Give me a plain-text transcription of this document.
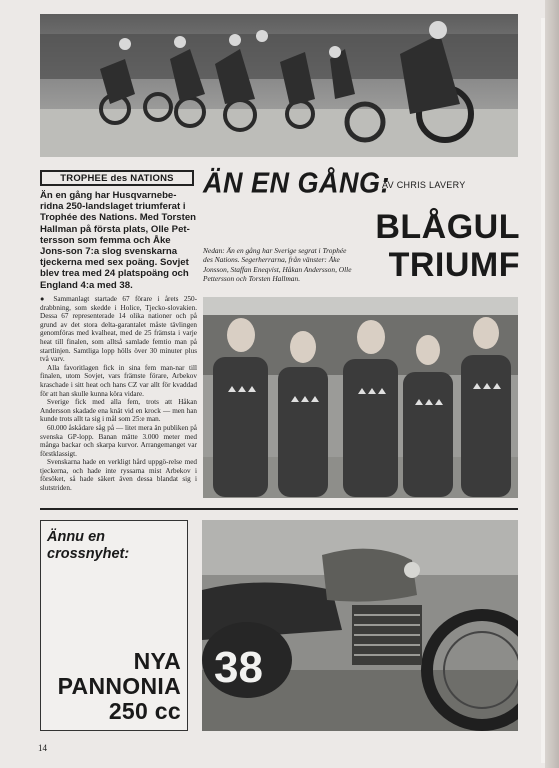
TROPHEE des NATIONS	ÄN EN GÅNG:
AV CHRIS LAVERY
Än en gång har Husqvarnebe-ridna 250-landslaget triumferat i Trophée des Nations. Med Torsten Hallman på första plats, Olle Pet-tersson som femma och Åke Jons-son 7:a slog svenskarna tjeckerna med sex poäng. Sovjet blev trea med 24 platspoäng och England 4:a med 38.
Nedan: Än en gång har Sverige segrat i Trophée des Nations. Segerherrarna, från vänster: Åke Jonsson, Staffan Eneqvist, Håkan Andersson, Olle Pettersson och Torsten Hallman.
BLÅGUL
TRIUMF

● Sammanlagt startade 67 förare i årets 250-drabbning, som skedde i Holice, Tjecko-slovakien. Dessa 67 representerade 14 olika nationer och på grund av det stora delta-garantalet måste tävlingen genomföras med kvalheat, med de 25 främsta i varje heat till finalen, som alltså samlade femtio man på startlinjen. Samtliga lopp hölls över 30 minuter plus två varv.

Alla favoritlagen fick in sina fem man-nar till finalen, utom Sovjet, vars främste förare, Arbekov kraschade i sitt heat och hans CZ var allt för kvaddad för att han skulle kunna köra vidare.

Sverige fick med alla fem, trots att Håkan Andersson skadade ena knät vid en krock — men han kunde trots allt ta sig i mål som 25:e man.

60.000 åskådare såg på — litet mera än publiken på svenska GP-lopp. Banan mätte 3.000 meter med många backar och skarpa kurvor. Arrangemanget var förstklassigt.

Svenskarna hade en verkligt hård uppgö-relse med tjeckerna, och hade inte ryssarna mist Arbekov i försöket, så hade säkert även dessa blandat sig i slutstriden.

Ännu en
crossnyhet:
NYA
PANNONIA
250 cc
38
14
